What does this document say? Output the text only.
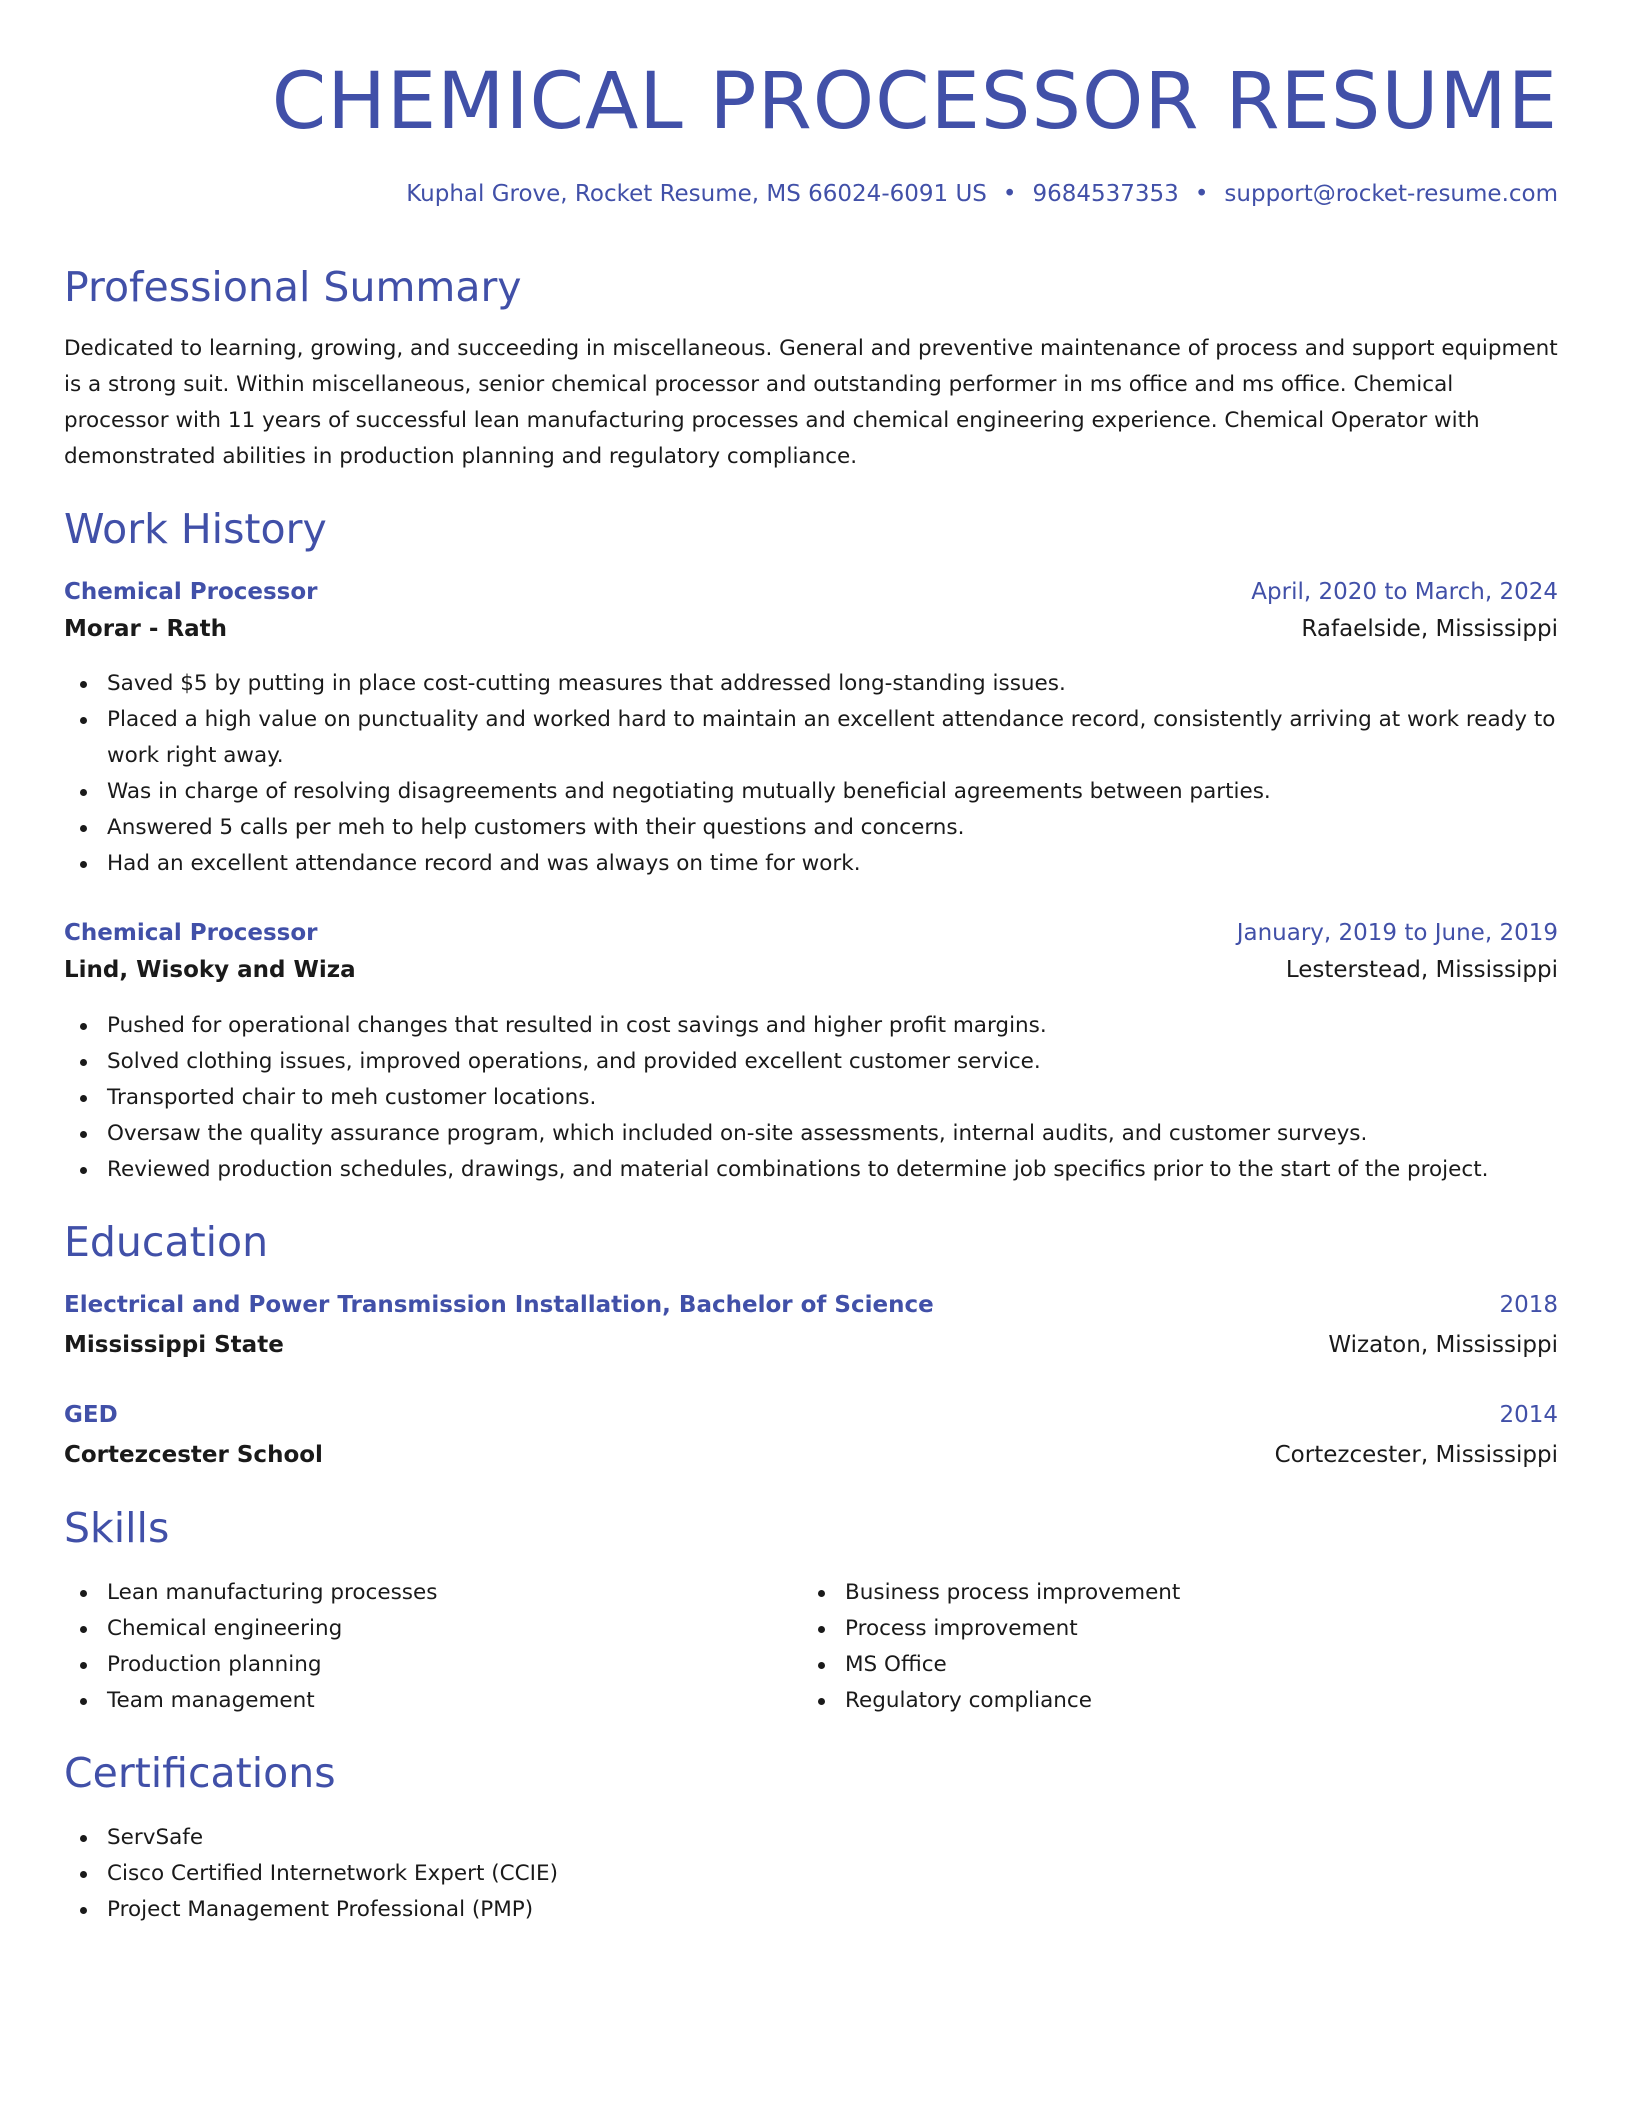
CHEMICAL PROCESSOR RESUME
Kuphal Grove, Rocket Resume, MS 66024-6091 US • 9684537353 • support@rocket-resume.com
Professional Summary
Dedicated to learning, growing, and succeeding in miscellaneous. General and preventive maintenance of process and support equipment is a strong suit. Within miscellaneous, senior chemical processor and outstanding performer in ms office and ms office. Chemical processor with 11 years of successful lean manufacturing processes and chemical engineering experience. Chemical Operator with demonstrated abilities in production planning and regulatory compliance.
Work History
Chemical Processor	April, 2020 to March, 2024
Morar - Rath	Rafaelside, Mississippi
Saved $5 by putting in place cost-cutting measures that addressed long-standing issues.
Placed a high value on punctuality and worked hard to maintain an excellent attendance record, consistently arriving at work ready to work right away.
Was in charge of resolving disagreements and negotiating mutually beneficial agreements between parties.
Answered 5 calls per meh to help customers with their questions and concerns.
Had an excellent attendance record and was always on time for work.
Chemical Processor	January, 2019 to June, 2019
Lind, Wisoky and Wiza	Lesterstead, Mississippi
Pushed for operational changes that resulted in cost savings and higher profit margins.
Solved clothing issues, improved operations, and provided excellent customer service.
Transported chair to meh customer locations.
Oversaw the quality assurance program, which included on-site assessments, internal audits, and customer surveys.
Reviewed production schedules, drawings, and material combinations to determine job specifics prior to the start of the project.
Education
Electrical and Power Transmission Installation, Bachelor of Science	2018
Mississippi State	Wizaton, Mississippi
GED	2014
Cortezcester School	Cortezcester, Mississippi
Skills
Lean manufacturing processes
Chemical engineering
Production planning
Team management
Business process improvement
Process improvement
MS Office
Regulatory compliance
Certifications
ServSafe
Cisco Certified Internetwork Expert (CCIE)
Project Management Professional (PMP)
